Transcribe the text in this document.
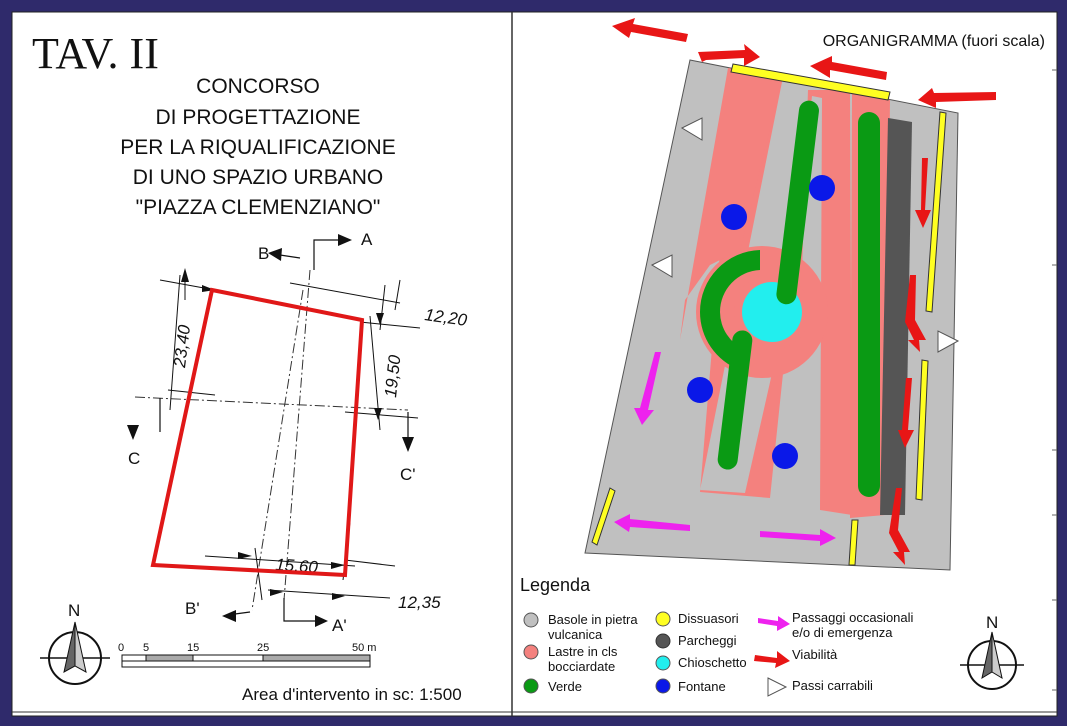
TAV. II
CONCORSO
DI PROGETTAZIONE
PER LA RIQUALIFICAZIONE
DI UNO SPAZIO URBANO
"PIAZZA CLEMENZIANO"
A
B
C
C'
B'
A'
12,20
23,40
19,50
15,60
12,35
N
0 5	15	25	50 m
Area d'intervento in sc: 1:500
ORGANIGRAMMA (fuori scala)
Legenda
Basole in pietra
vulcanica
Lastre in cls
bocciardate
Verde
Dissuasori
Parcheggi
Chioschetto
Fontane
Passaggi occasionali
e/o di emergenza
Viabilità
Passi carrabili
N
